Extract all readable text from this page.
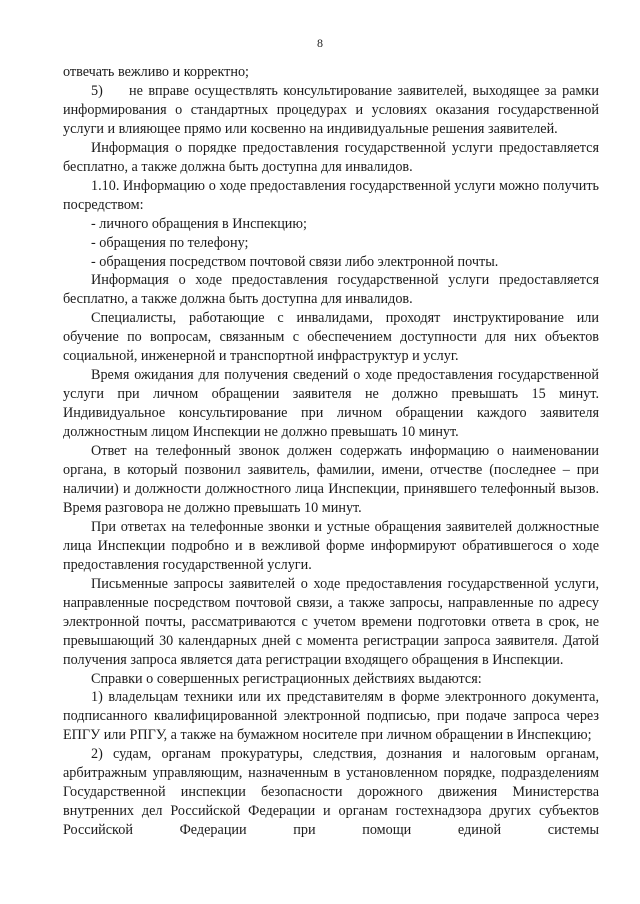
8

отвечать вежливо и корректно;

5) не вправе осуществлять консультирование заявителей, выходящее за рамки информирования о стандартных процедурах и условиях оказания государственной услуги и влияющее прямо или косвенно на индивидуальные решения заявителей.

Информация о порядке предоставления государственной услуги предоставляется бесплатно, а также должна быть доступна для инвалидов.

1.10. Информацию о ходе предоставления государственной услуги можно получить посредством:

- личного обращения в Инспекцию;

- обращения по телефону;

- обращения посредством почтовой связи либо электронной почты.

Информация о ходе предоставления государственной услуги предоставляется бесплатно, а также должна быть доступна для инвалидов.

Специалисты, работающие с инвалидами, проходят инструктирование или обучение по вопросам, связанным с обеспечением доступности для них объектов социальной, инженерной и транспортной инфраструктур и услуг.

Время ожидания для получения сведений о ходе предоставления государственной услуги при личном обращении заявителя не должно превышать 15 минут. Индивидуальное консультирование при личном обращении каждого заявителя должностным лицом Инспекции не должно превышать 10 минут.

Ответ на телефонный звонок должен содержать информацию о наименовании органа, в который позвонил заявитель, фамилии, имени, отчестве (последнее – при наличии) и должности должностного лица Инспекции, принявшего телефонный вызов. Время разговора не должно превышать 10 минут.

При ответах на телефонные звонки и устные обращения заявителей должностные лица Инспекции подробно и в вежливой форме информируют обратившегося о ходе предоставления государственной услуги.

Письменные запросы заявителей о ходе предоставления государственной услуги, направленные посредством почтовой связи, а также запросы, направленные по адресу электронной почты, рассматриваются с учетом времени подготовки ответа в срок, не превышающий 30 календарных дней с момента регистрации запроса заявителя. Датой получения запроса является дата регистрации входящего обращения в Инспекции.

Справки о совершенных регистрационных действиях выдаются:

1) владельцам техники или их представителям в форме электронного документа, подписанного квалифицированной электронной подписью, при подаче запроса через ЕПГУ или РПГУ, а также на бумажном носителе при личном обращении в Инспекцию;

2) судам, органам прокуратуры, следствия, дознания и налоговым органам, арбитражным управляющим, назначенным в установленном порядке, подразделениям Государственной инспекции безопасности дорожного движения Министерства внутренних дел Российской Федерации и органам гостехнадзора других субъектов Российской Федерации при помощи единой системы
